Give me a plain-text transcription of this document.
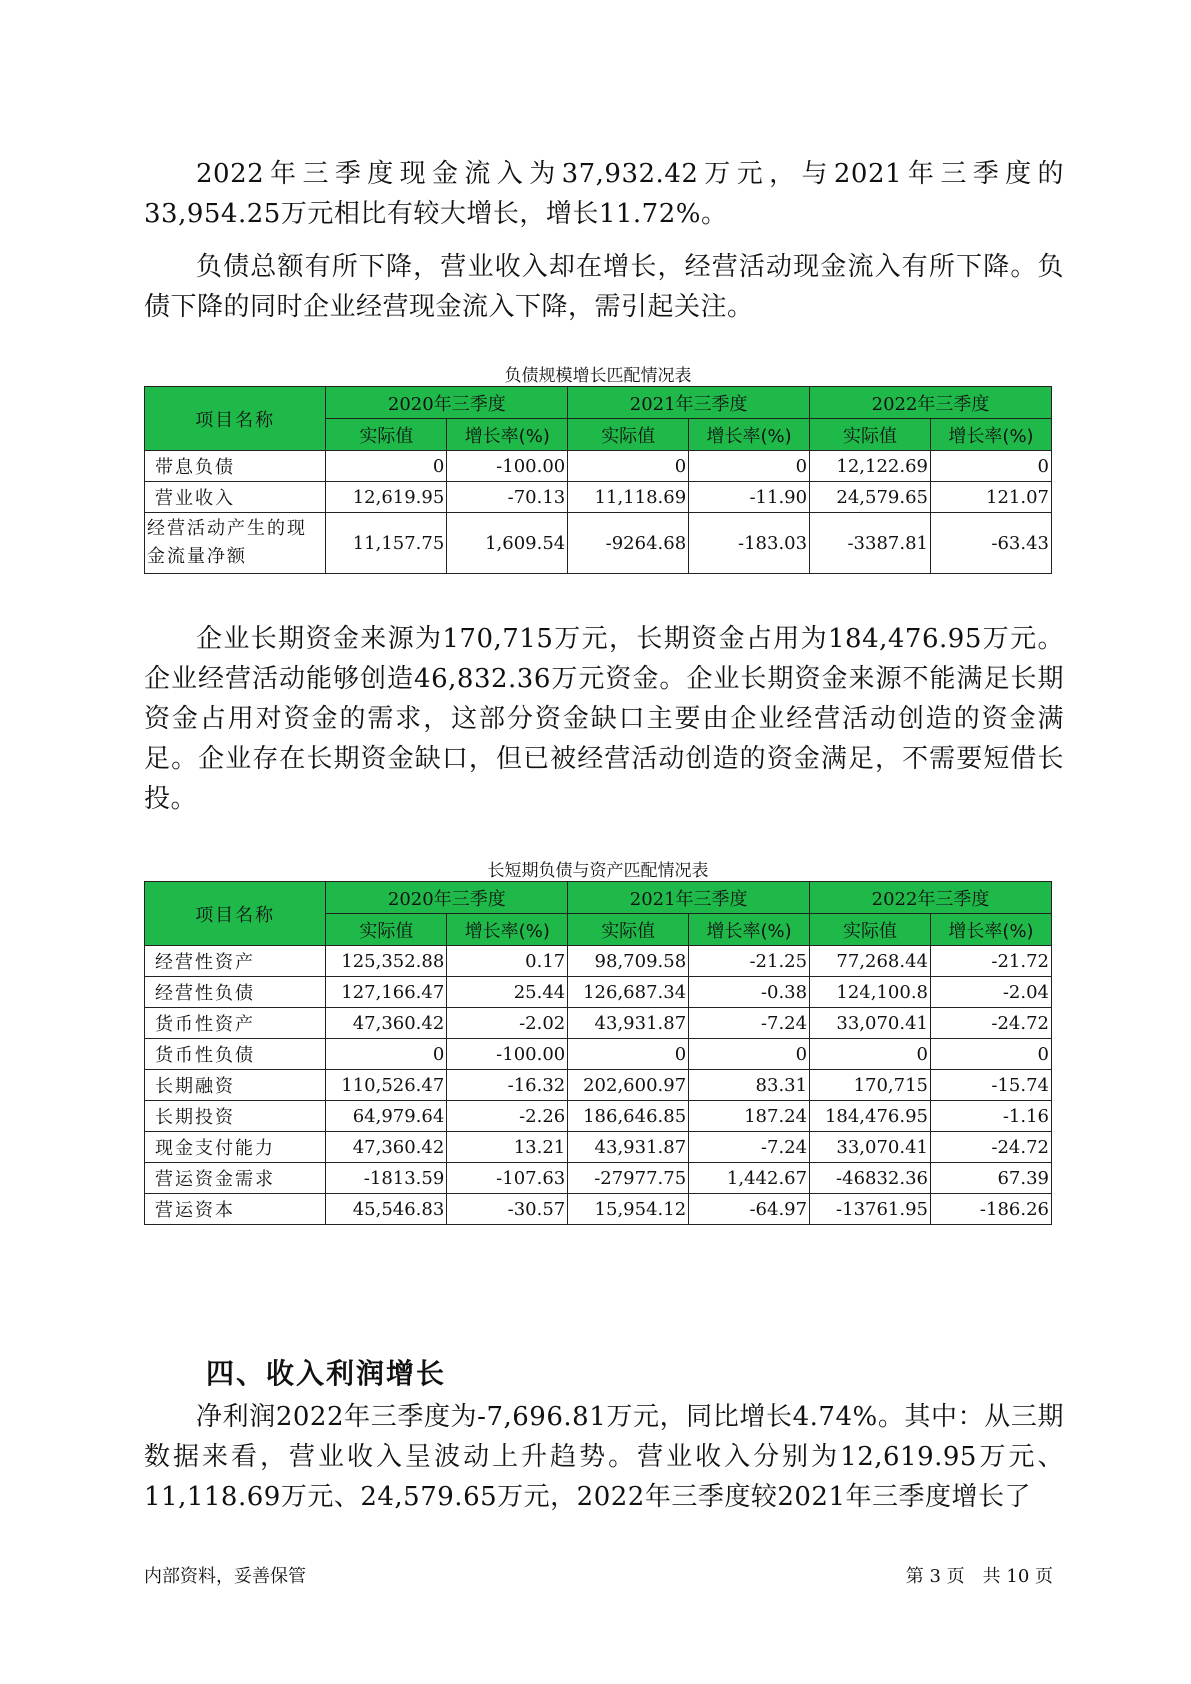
2022年三季度现金流入为37,932.42万元，与2021年三季度的33,954.25万元相比有较大增长，增长11.72%。

负债总额有所下降，营业收入却在增长，经营活动现金流入有所下降。负债下降的同时企业经营现金流入下降，需引起关注。

负债规模增长匹配情况表
项目名称	2020年三季度		2021年三季度		2022年三季度	
	实际值	增长率(%)	实际值	增长率(%)	实际值	增长率(%)
带息负债	0	-100.00	0	0	12,122.69	0
营业收入	12,619.95	-70.13	11,118.69	-11.90	24,579.65	121.07
经营活动产生的现金流量净额	11,157.75	1,609.54	-9264.68	-183.03	-3387.81	-63.43

企业长期资金来源为170,715万元，长期资金占用为184,476.95万元。企业经营活动能够创造46,832.36万元资金。企业长期资金来源不能满足长期资金占用对资金的需求，这部分资金缺口主要由企业经营活动创造的资金满足。企业存在长期资金缺口，但已被经营活动创造的资金满足，不需要短借长投。

长短期负债与资产匹配情况表
项目名称	2020年三季度		2021年三季度		2022年三季度	
	实际值	增长率(%)	实际值	增长率(%)	实际值	增长率(%)
经营性资产	125,352.88	0.17	98,709.58	-21.25	77,268.44	-21.72
经营性负债	127,166.47	25.44	126,687.34	-0.38	124,100.8	-2.04
货币性资产	47,360.42	-2.02	43,931.87	-7.24	33,070.41	-24.72
货币性负债	0	-100.00	0	0	0	0
长期融资	110,526.47	-16.32	202,600.97	83.31	170,715	-15.74
长期投资	64,979.64	-2.26	186,646.85	187.24	184,476.95	-1.16
现金支付能力	47,360.42	13.21	43,931.87	-7.24	33,070.41	-24.72
营运资金需求	-1813.59	-107.63	-27977.75	1,442.67	-46832.36	67.39
营运资本	45,546.83	-30.57	15,954.12	-64.97	-13761.95	-186.26
四、收入利润增长

净利润2022年三季度为-7,696.81万元，同比增长4.74%。其中：从三期数据来看，营业收入呈波动上升趋势。营业收入分别为12,619.95万元、11,118.69万元、24,579.65万元，2022年三季度较2021年三季度增长了

内部资料，妥善保管	第 3 页　共 10 页
